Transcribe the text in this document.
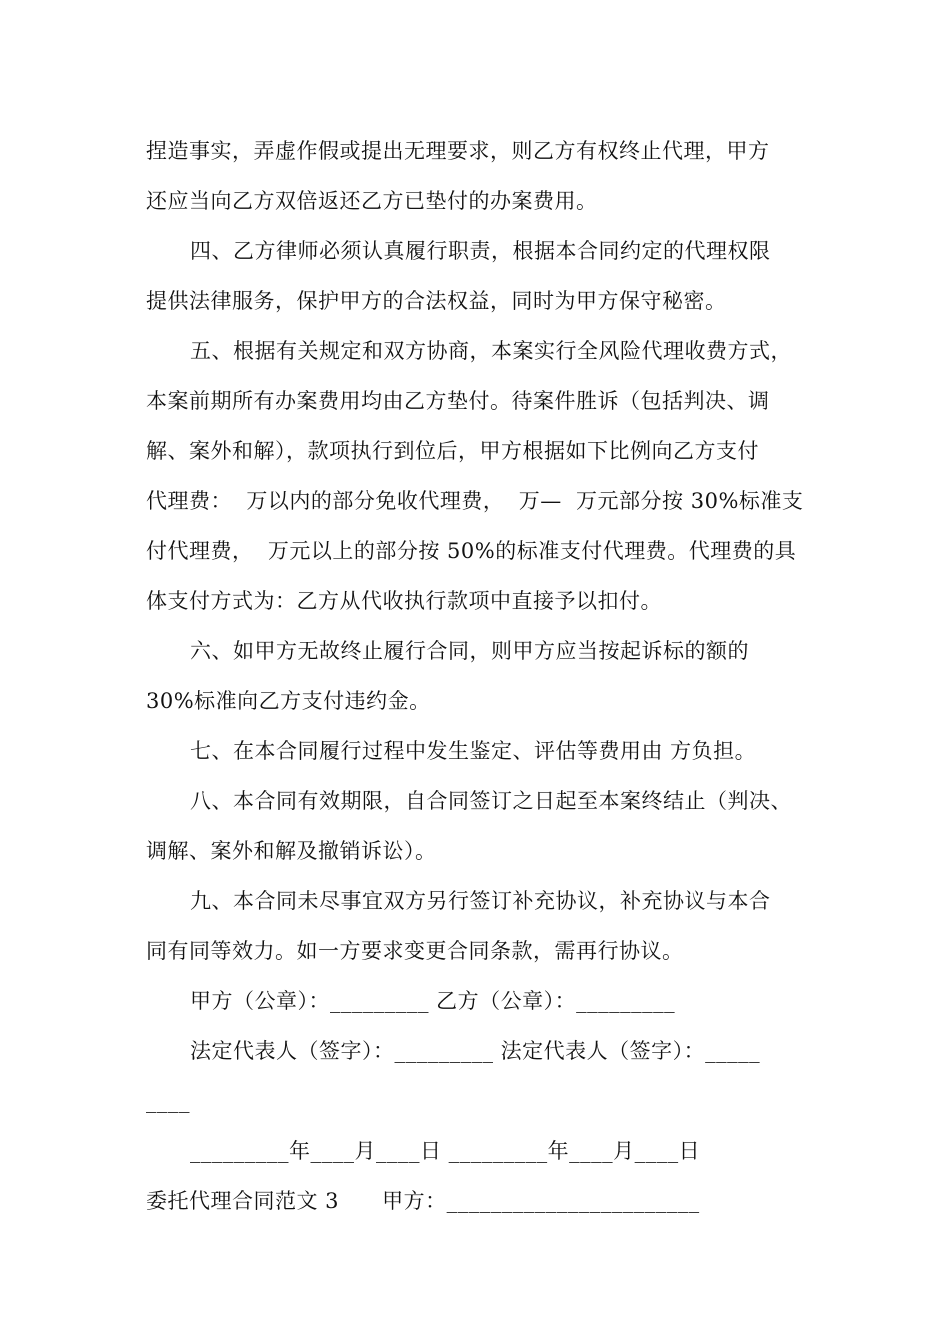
捏造事实，弄虚作假或提出无理要求，则乙方有权终止代理，甲方
还应当向乙方双倍返还乙方已垫付的办案费用。
四、乙方律师必须认真履行职责，根据本合同约定的代理权限
提供法律服务，保护甲方的合法权益，同时为甲方保守秘密。
五、根据有关规定和双方协商，本案实行全风险代理收费方式，
本案前期所有办案费用均由乙方垫付。待案件胜诉（包括判决、调
解、案外和解），款项执行到位后，甲方根据如下比例向乙方支付
代理费：  万以内的部分免收代理费，  万—  万元部分按 30%标准支
付代理费，  万元以上的部分按 50%的标准支付代理费。代理费的具
体支付方式为：乙方从代收执行款项中直接予以扣付。
六、如甲方无故终止履行合同，则甲方应当按起诉标的额的
30%标准向乙方支付违约金。
七、在本合同履行过程中发生鉴定、评估等费用由 方负担。
八、本合同有效期限，自合同签订之日起至本案终结止（判决、
调解、案外和解及撤销诉讼）。
九、本合同未尽事宜双方另行签订补充协议，补充协议与本合
同有同等效力。如一方要求变更合同条款，需再行协议。
甲方（公章）：_________ 乙方（公章）：_________
法定代表人（签字）：_________ 法定代表人（签字）：_____
____
_________年____月____日 _________年____月____日
委托代理合同范文 3      甲方：_______________________
